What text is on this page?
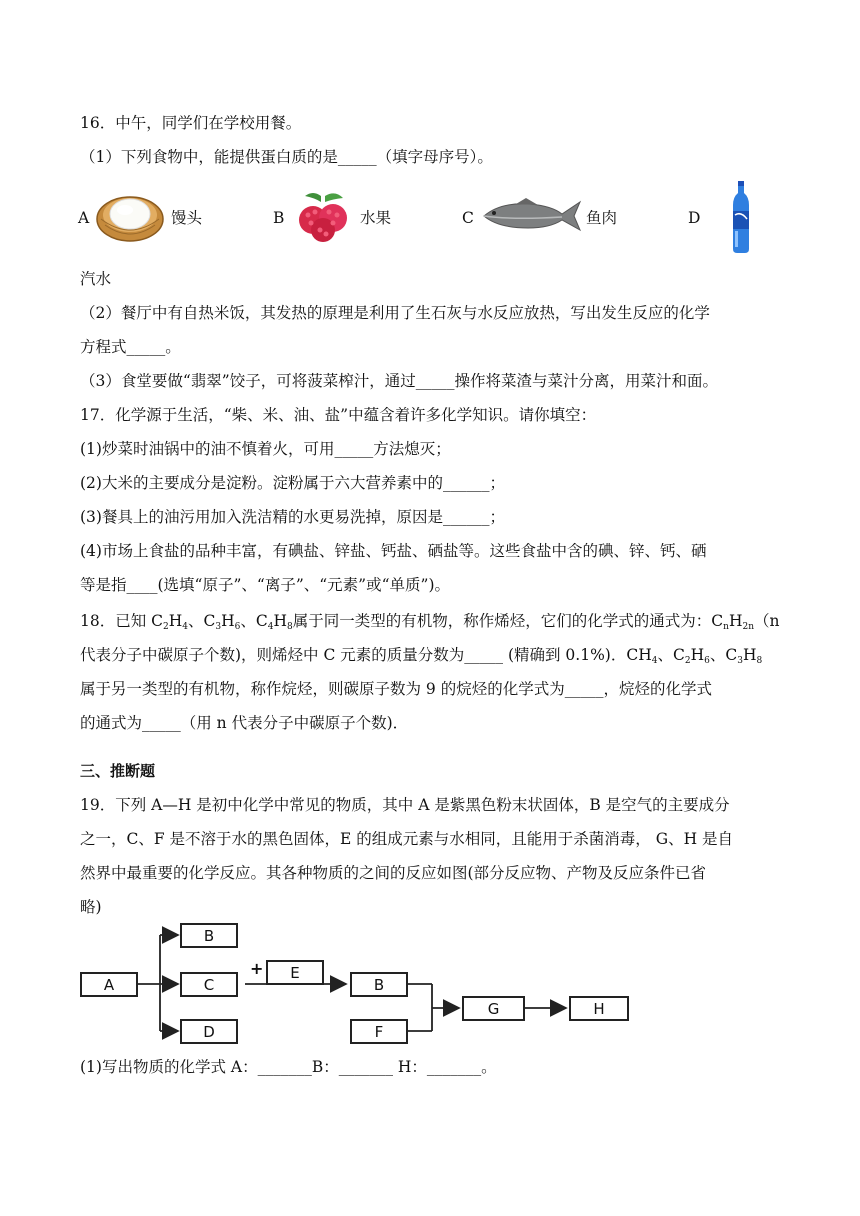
16．中午，同学们在学校用餐。
（1）下列食物中，能提供蛋白质的是_____（填字母序号）。
A	馒头	B	水果	C	鱼肉	D
汽水
（2）餐厅中有自热米饭，其发热的原理是利用了生石灰与水反应放热，写出发生反应的化学
方程式_____。
（3）食堂要做“翡翠”饺子，可将菠菜榨汁，通过_____操作将菜渣与菜汁分离，用菜汁和面。
17．化学源于生活，“柴、米、油、盐”中蕴含着许多化学知识。请你填空：
(1)炒菜时油锅中的油不慎着火，可用_____方法熄灭；
(2)大米的主要成分是淀粉。淀粉属于六大营养素中的______；
(3)餐具上的油污用加入洗洁精的水更易洗掉，原因是______；
(4)市场上食盐的品种丰富，有碘盐、锌盐、钙盐、硒盐等。这些食盐中含的碘、锌、钙、硒
等是指____(选填“原子”、“离子”、“元素”或“单质”)。
18．已知 $C_2H_4$、$C_3H_6$、$C_4H_8$属于同一类型的有机物，称作烯烃，它们的化学式的通式为：$C_nH_{2n}(n$
代表分子中碳原子个数)，则烯烃中 C 元素的质量分数为_____ (精确到 0.1%)．$CH_4$、$C_2H_6$、$C_3H_8$
属于另一类型的有机物，称作烷烃，则碳原子数为 9 的烷烃的化学式为_____，烷烃的化学式
的通式为_____（用 n 代表分子中碳原子个数)．
三、推断题
19．下列 A—H 是初中化学中常见的物质，其中 A 是紫黑色粉末状固体，B 是空气的主要成分
之一，C、F 是不溶于水的黑色固体，E 的组成元素与水相同，且能用于杀菌消毒， G、H 是自
然界中最重要的化学反应。其各种物质的之间的反应如图(部分反应物、产物及反应条件已省
略)
A
B
C
D
+	E
B
F
G	H
(1)写出物质的化学式 A：_______B：_______ H：_______。
